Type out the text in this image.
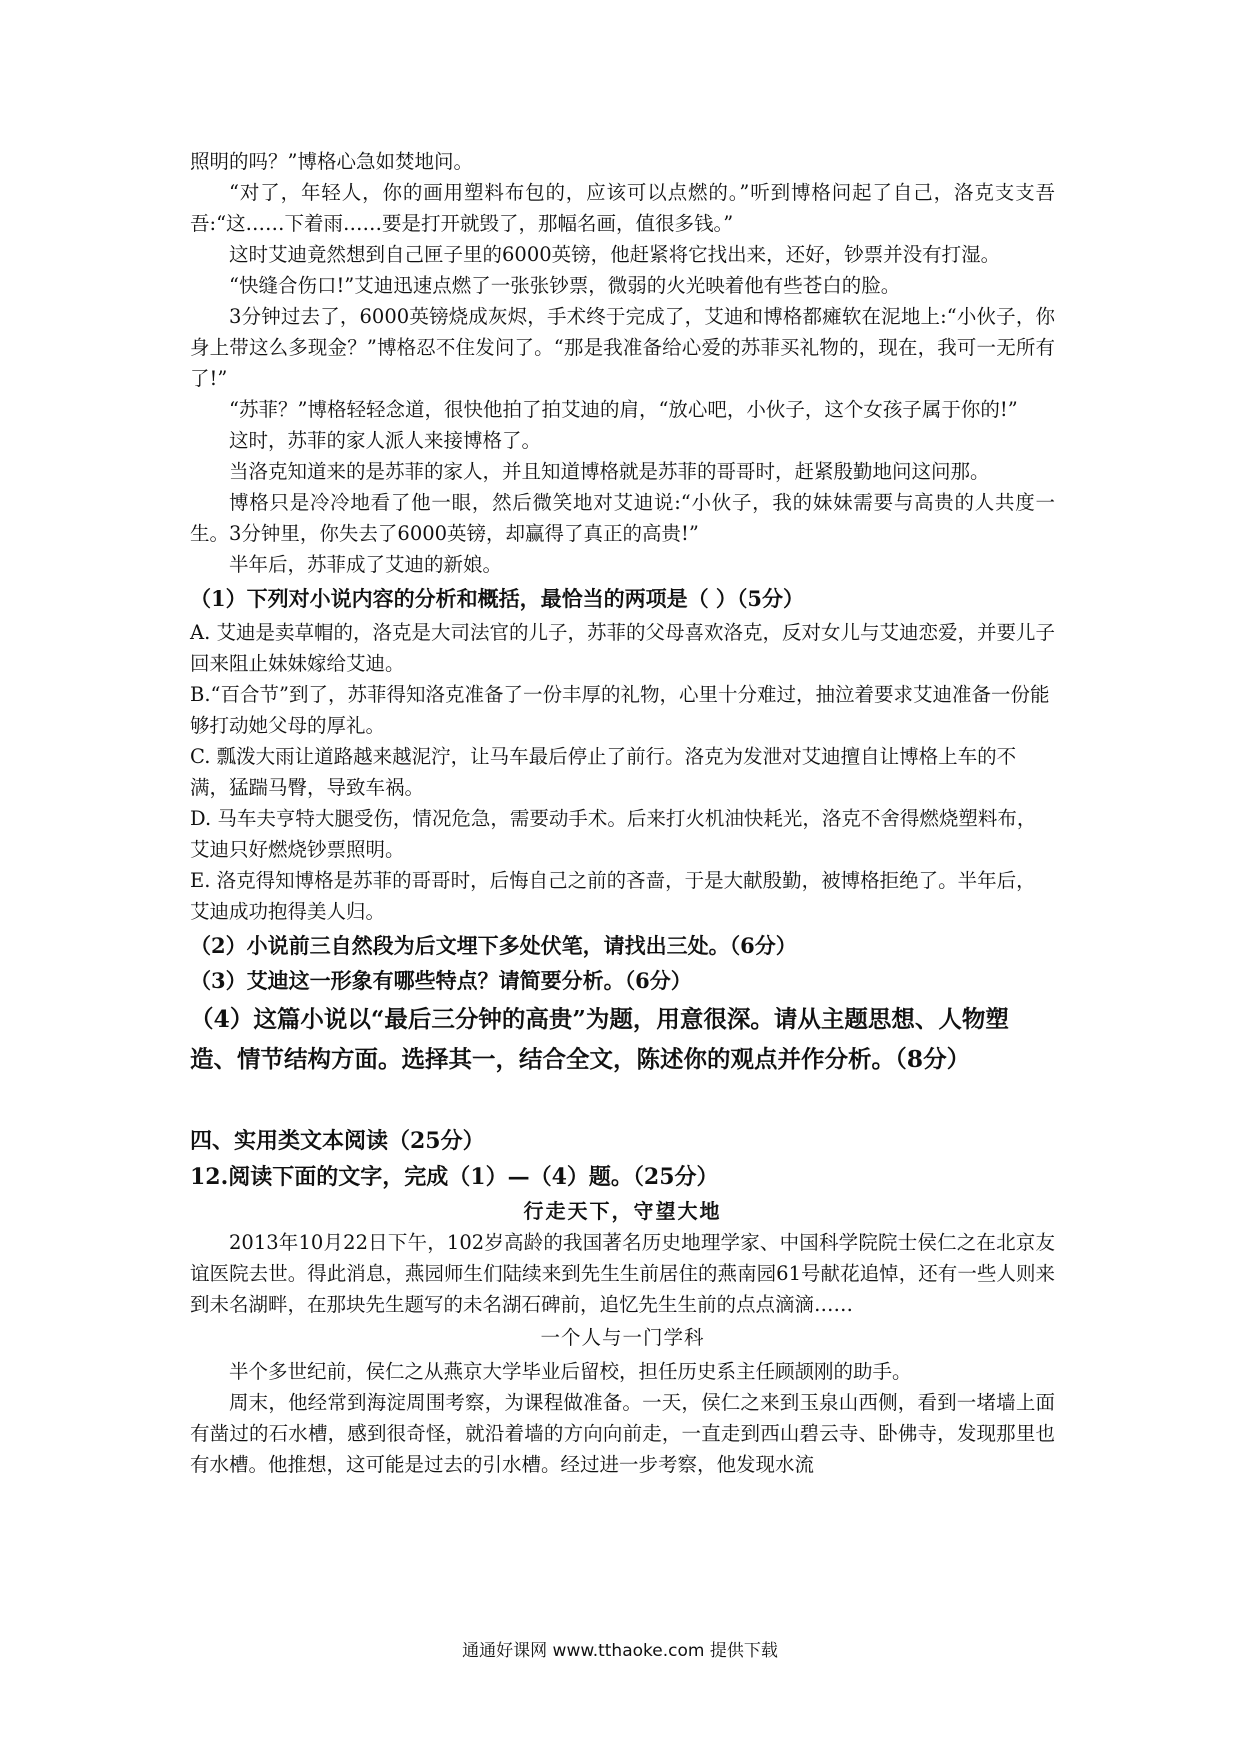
照明的吗？”博格心急如焚地问。

“对了，年轻人，你的画用塑料布包的，应该可以点燃的。”听到博格问起了自己，洛克支支吾吾:“这……下着雨……要是打开就毁了，那幅名画，值很多钱。”

这时艾迪竟然想到自己匣子里的6000英镑，他赶紧将它找出来，还好，钞票并没有打湿。

“快缝合伤口!”艾迪迅速点燃了一张张钞票，微弱的火光映着他有些苍白的脸。

3分钟过去了，6000英镑烧成灰烬，手术终于完成了，艾迪和博格都瘫软在泥地上:“小伙子，你身上带这么多现金？”博格忍不住发问了。“那是我准备给心爱的苏菲买礼物的，现在，我可一无所有了!”

“苏菲？”博格轻轻念道，很快他拍了拍艾迪的肩，“放心吧，小伙子，这个女孩子属于你的!”

这时，苏菲的家人派人来接博格了。

当洛克知道来的是苏菲的家人，并且知道博格就是苏菲的哥哥时，赶紧殷勤地问这问那。

博格只是冷冷地看了他一眼，然后微笑地对艾迪说:“小伙子，我的妹妹需要与高贵的人共度一生。3分钟里，你失去了6000英镑，却赢得了真正的高贵!”

半年后，苏菲成了艾迪的新娘。

（1）下列对小说内容的分析和概括，最恰当的两项是（ ）（5分）

A. 艾迪是卖草帽的，洛克是大司法官的儿子，苏菲的父母喜欢洛克，反对女儿与艾迪恋爱，并要儿子回来阻止妹妹嫁给艾迪。

B.“百合节”到了，苏菲得知洛克准备了一份丰厚的礼物，心里十分难过，抽泣着要求艾迪准备一份能够打动她父母的厚礼。

C. 瓢泼大雨让道路越来越泥泞，让马车最后停止了前行。洛克为发泄对艾迪擅自让博格上车的不满，猛踹马臀，导致车祸。

D. 马车夫亨特大腿受伤，情况危急，需要动手术。后来打火机油快耗光，洛克不舍得燃烧塑料布，艾迪只好燃烧钞票照明。

E. 洛克得知博格是苏菲的哥哥时，后悔自己之前的吝啬，于是大献殷勤，被博格拒绝了。半年后，艾迪成功抱得美人归。

（2）小说前三自然段为后文埋下多处伏笔，请找出三处。（6分）

（3）艾迪这一形象有哪些特点？请简要分析。（6分）

（4）这篇小说以“最后三分钟的高贵”为题，用意很深。请从主题思想、人物塑造、情节结构方面。选择其一，结合全文，陈述你的观点并作分析。（8分）

四、实用类文本阅读（25分）

12.阅读下面的文字，完成（1）—（4）题。（25分）

行走天下，守望大地

2013年10月22日下午，102岁高龄的我国著名历史地理学家、中国科学院院士侯仁之在北京友谊医院去世。得此消息，燕园师生们陆续来到先生生前居住的燕南园61号献花追悼，还有一些人则来到未名湖畔，在那块先生题写的未名湖石碑前，追忆先生生前的点点滴滴……

一个人与一门学科

半个多世纪前，侯仁之从燕京大学毕业后留校，担任历史系主任顾颉刚的助手。

周末，他经常到海淀周围考察，为课程做准备。一天，侯仁之来到玉泉山西侧，看到一堵墙上面有凿过的石水槽，感到很奇怪，就沿着墙的方向向前走，一直走到西山碧云寺、卧佛寺，发现那里也有水槽。他推想，这可能是过去的引水槽。经过进一步考察，他发现水流

通通好课网 www.tthaoke.com 提供下载
